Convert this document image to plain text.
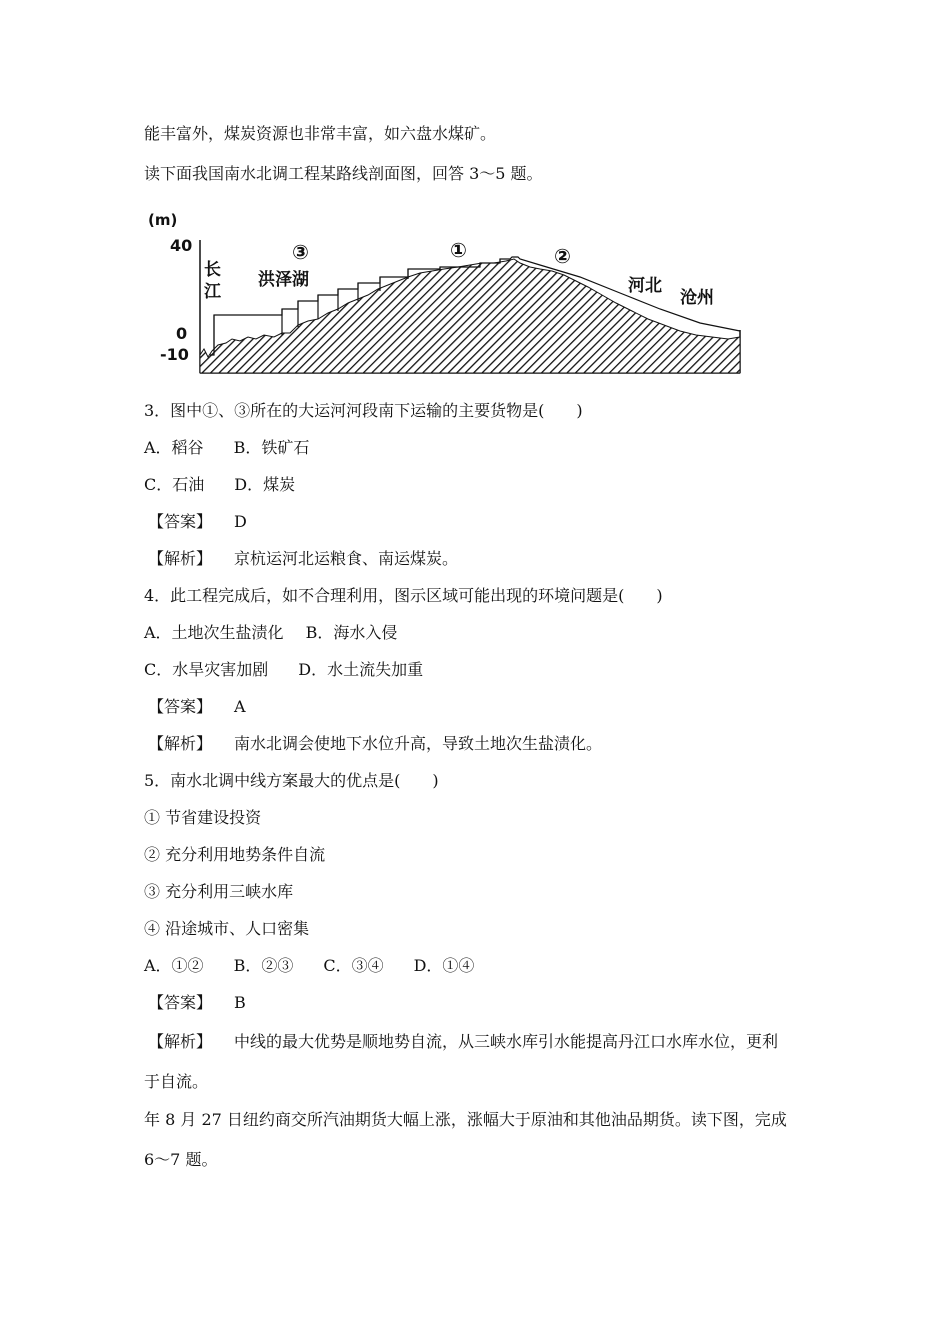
能丰富外，煤炭资源也非常丰富，如六盘水煤矿。
读下面我国南水北调工程某路线剖面图，回答 3～5 题。
(m)
40
0
-10
长
江
③
洪泽湖
①	②
河北
沧州
3．图中①、③所在的大运河河段南下运输的主要货物是(　　)
A．稻谷 B．铁矿石
C．石油 D．煤炭
【答案】 D
【解析】 京杭运河北运粮食、南运煤炭。
4．此工程完成后，如不合理利用，图示区域可能出现的环境问题是(　　)
A．土地次生盐渍化 B．海水入侵
C．水旱灾害加剧 D．水土流失加重
【答案】 A
【解析】 南水北调会使地下水位升高，导致土地次生盐渍化。
5．南水北调中线方案最大的优点是(　　)
① 节省建设投资
② 充分利用地势条件自流
③ 充分利用三峡水库
④ 沿途城市、人口密集
A．①② B．②③ C．③④ D．①④
【答案】 B
【解析】 中线的最大优势是顺地势自流，从三峡水库引水能提高丹江口水库水位，更利
于自流。
年 8 月 27 日纽约商交所汽油期货大幅上涨，涨幅大于原油和其他油品期货。读下图，完成
6～7 题。
